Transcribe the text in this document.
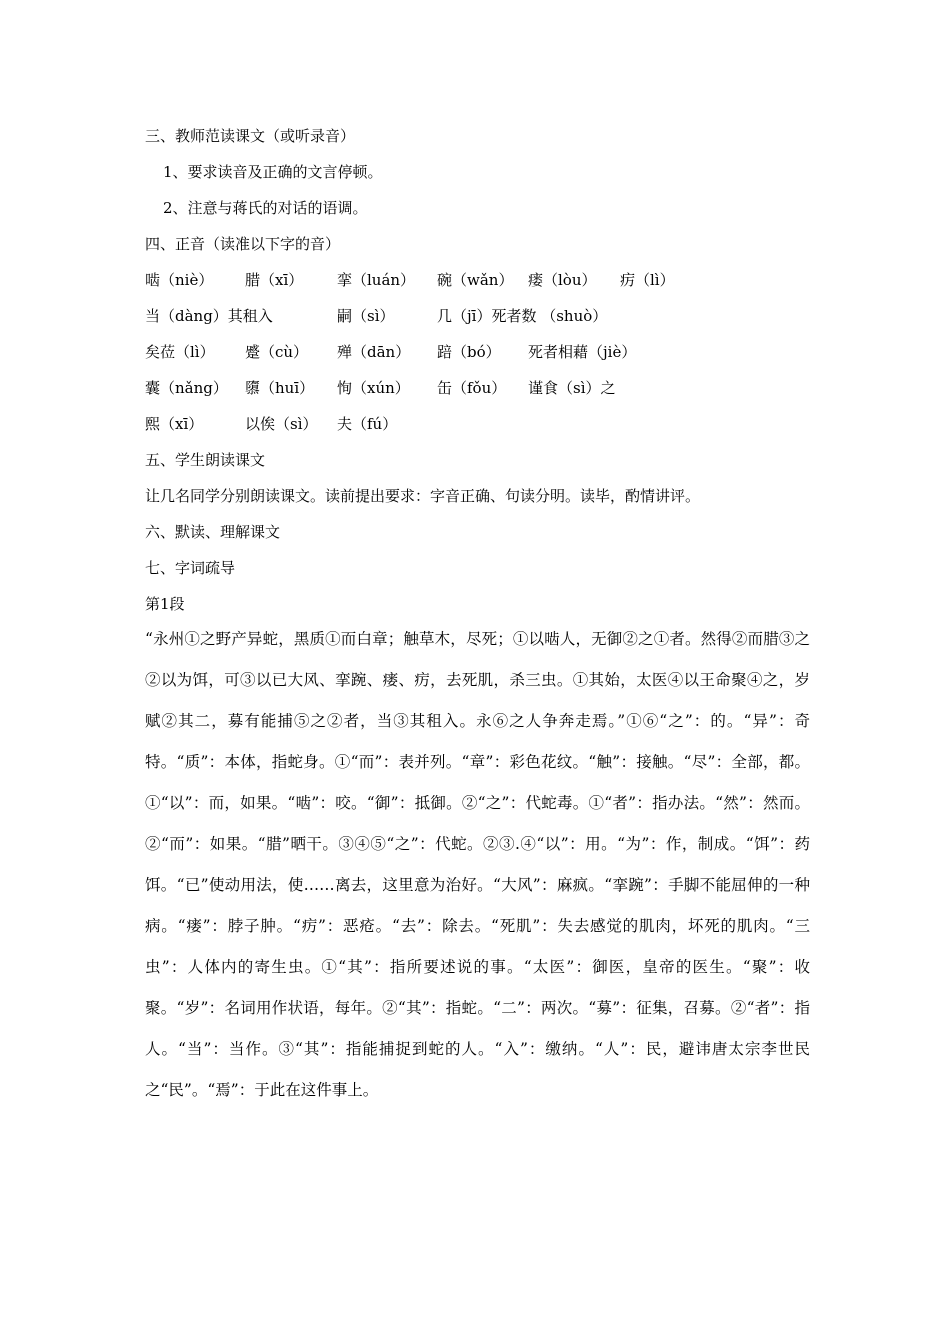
三、教师范读课文（或听录音）
1、要求读音及正确的文言停顿。
2、注意与蒋氏的对话的语调。
四、正音（读准以下字的音）
啮（niè） 腊（xī） 挛（luán） 碗（wǎn） 瘘（lòu） 疠（lì）
当（dàng）其租入	嗣（sì）	几（jī）死者数 （shuò）
矣莅（lì） 蹙（cù） 殚（dān） 踣（bó） 死者相藉（jiè）
囊（nǎng） 隳（huī） 恂（xún） 缶（fǒu） 谨食（sì）之
熙（xī）	以俟（sì） 夫（fú）
五、学生朗读课文
让几名同学分别朗读课文。读前提出要求：字音正确、句读分明。读毕，酌情讲评。
六、默读、理解课文
七、字词疏导
第1段
“永州①之野产异蛇，黑质①而白章；触草木，尽死；①以啮人，无御②之①者。然得②而腊③之②以为饵，可③以已大风、挛踠、瘘、疠，去死肌，杀三虫。①其始，太医④以王命聚④之，岁赋②其二，募有能捕⑤之②者，当③其租入。永⑥之人争奔走焉。”①⑥“之”：的。“异”：奇特。“质”：本体，指蛇身。①“而”：表并列。“章”：彩色花纹。“触”：接触。“尽”：全部，都。①“以”：而，如果。“啮”：咬。“御”：抵御。②“之”：代蛇毒。①“者”：指办法。“然”：然而。②“而”：如果。“腊”晒干。③④⑤“之”：代蛇。②③.④“以”：用。“为”：作，制成。“饵”：药饵。“已”使动用法，使……离去，这里意为治好。“大风”：麻疯。“挛踠”：手脚不能屈伸的一种病。“瘘”：脖子肿。“疠”：恶疮。“去”：除去。“死肌”：失去感觉的肌肉，坏死的肌肉。“三虫”：人体内的寄生虫。①“其”：指所要述说的事。“太医”：御医，皇帝的医生。“聚”：收聚。“岁”：名词用作状语，每年。②“其”：指蛇。“二”：两次。“募”：征集，召募。②“者”：指人。“当”：当作。③“其”：指能捕捉到蛇的人。“入”：缴纳。“人”：民，避讳唐太宗李世民之“民”。“焉”：于此在这件事上。
